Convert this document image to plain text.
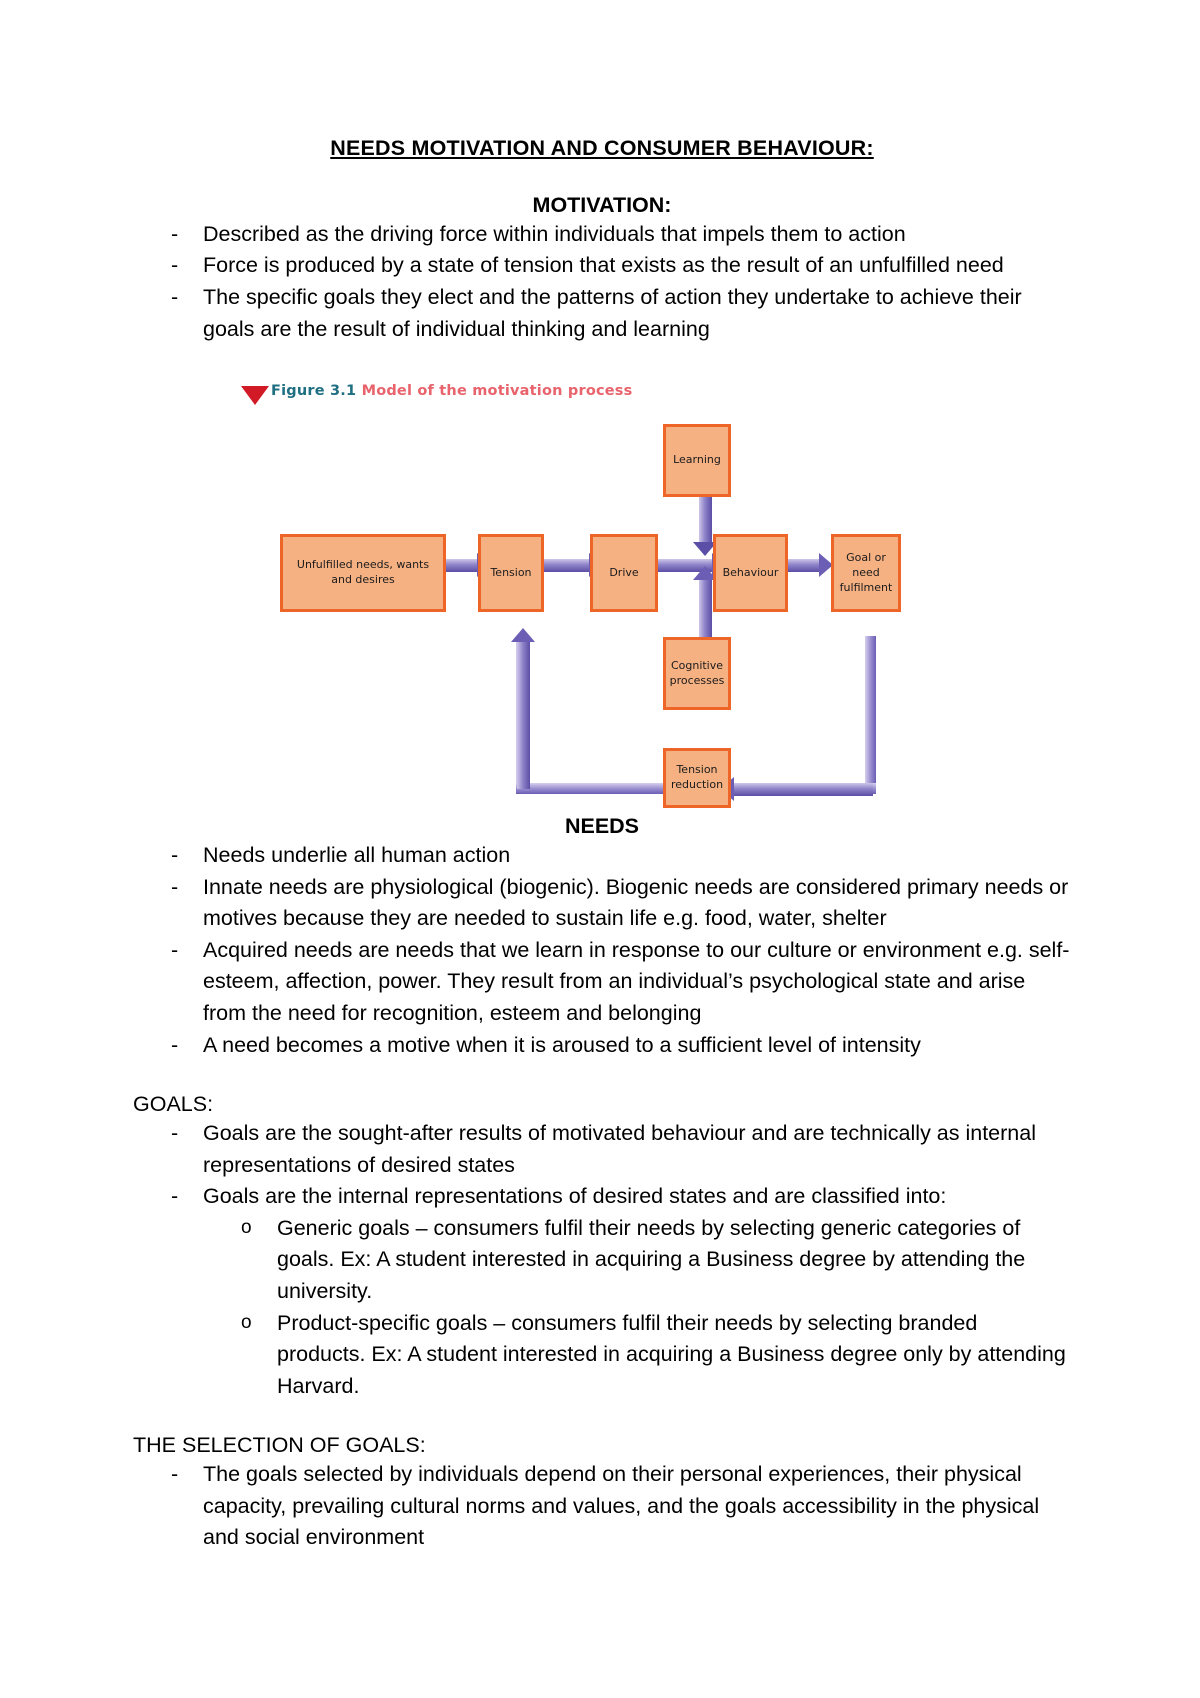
NEEDS MOTIVATION AND CONSUMER BEHAVIOUR:
MOTIVATION:
- Described as the driving force within individuals that impels them to action
- Force is produced by a state of tension that exists as the result of an unfulfilled need
- The specific goals they elect and the patterns of action they undertake to achieve their goals are the result of individual thinking and learning
Figure 3.1 Model of the motivation process
Unfulfilled needs, wants and desires
Tension	Drive	Behaviour
Goal or need fulfilment
Learning
Cognitive processes
Tension reduction
NEEDS
- Needs underlie all human action
- Innate needs are physiological (biogenic). Biogenic needs are considered primary needs or motives because they are needed to sustain life e.g. food, water, shelter
- Acquired needs are needs that we learn in response to our culture or environment e.g. self-esteem, affection, power. They result from an individual’s psychological state and arise from the need for recognition, esteem and belonging
- A need becomes a motive when it is aroused to a sufficient level of intensity
GOALS:
- Goals are the sought-after results of motivated behaviour and are technically as internal representations of desired states
- Goals are the internal representations of desired states and are classified into:
o Generic goals – consumers fulfil their needs by selecting generic categories of goals. Ex: A student interested in acquiring a Business degree by attending the university.
o Product-specific goals – consumers fulfil their needs by selecting branded products. Ex: A student interested in acquiring a Business degree only by attending Harvard.
THE SELECTION OF GOALS:
- The goals selected by individuals depend on their personal experiences, their physical capacity, prevailing cultural norms and values, and the goals accessibility in the physical and social environment
